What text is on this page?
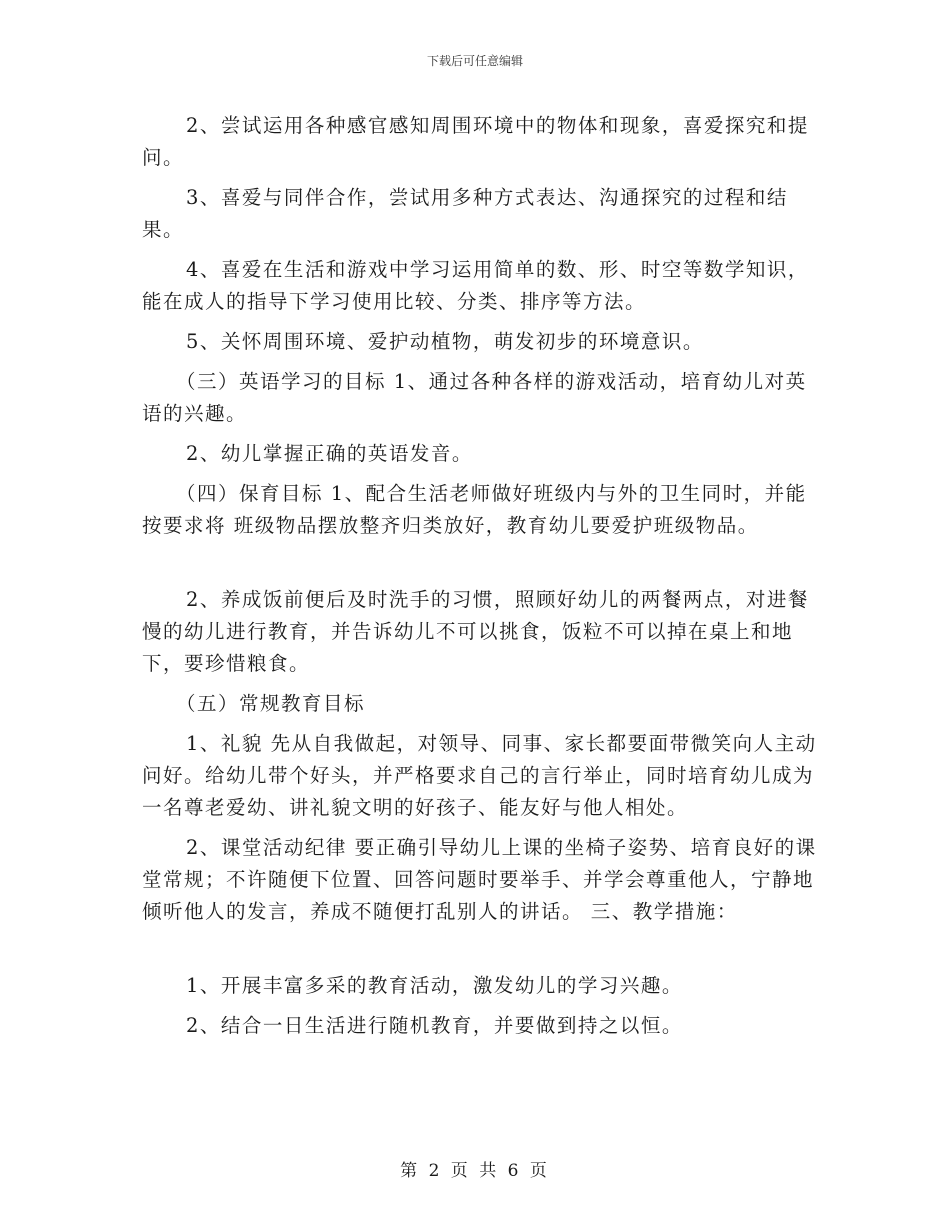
下载后可任意编辑

2、尝试运用各种感官感知周围环境中的物体和现象，喜爱探究和提问。

3、喜爱与同伴合作，尝试用多种方式表达、沟通探究的过程和结果。

4、喜爱在生活和游戏中学习运用简单的数、形、时空等数学知识，能在成人的指导下学习使用比较、分类、排序等方法。

5、关怀周围环境、爱护动植物，萌发初步的环境意识。

（三）英语学习的目标 1、通过各种各样的游戏活动，培育幼儿对英语的兴趣。

2、幼儿掌握正确的英语发音。

（四）保育目标 1、配合生活老师做好班级内与外的卫生同时，并能按要求将 班级物品摆放整齐归类放好，教育幼儿要爱护班级物品。

2、养成饭前便后及时洗手的习惯，照顾好幼儿的两餐两点，对进餐慢的幼儿进行教育，并告诉幼儿不可以挑食，饭粒不可以掉在桌上和地下，要珍惜粮食。

（五）常规教育目标

1、礼貌 先从自我做起，对领导、同事、家长都要面带微笑向人主动问好。给幼儿带个好头，并严格要求自己的言行举止，同时培育幼儿成为一名尊老爱幼、讲礼貌文明的好孩子、能友好与他人相处。

2、课堂活动纪律 要正确引导幼儿上课的坐椅子姿势、培育良好的课堂常规；不许随便下位置、回答问题时要举手、并学会尊重他人，宁静地倾听他人的发言，养成不随便打乱别人的讲话。 三、教学措施：

1、开展丰富多采的教育活动，激发幼儿的学习兴趣。

2、结合一日生活进行随机教育，并要做到持之以恒。

第 2 页 共 6 页
